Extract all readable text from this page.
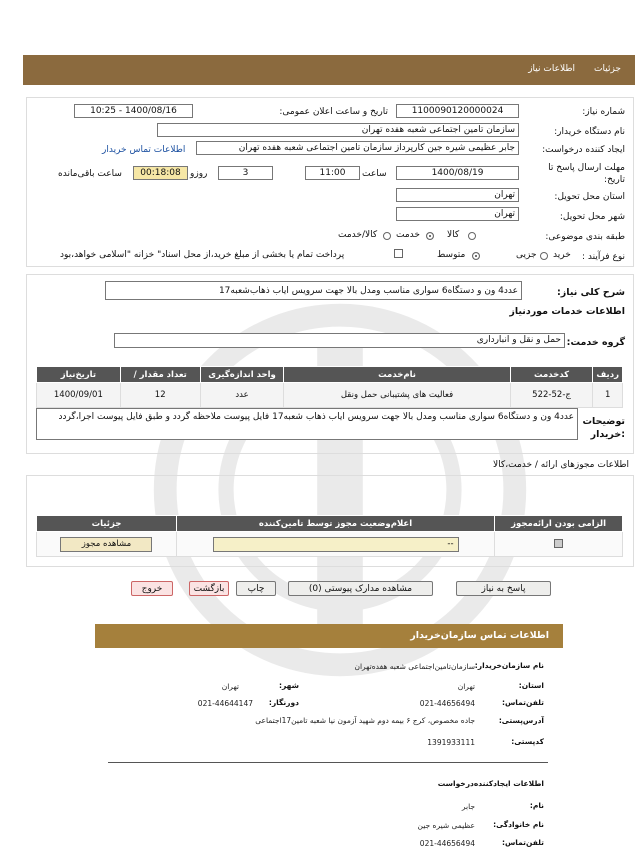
جزئیات
اطلاعات نیاز
شماره نیاز:
1100090120000024
تاریخ و ساعت اعلان عمومی:
1400/08/16 - 10:25
نام دستگاه خریدار:
سازمان تامین اجتماعی شعبه هفده تهران
ایجاد کننده درخواست:
جابر عظیمی شیره جین کارپرداز سازمان تامین اجتماعی شعبه هفده تهران
اطلاعات تماس خریدار
مهلت ارسال پاسخ تا
تاریخ:
1400/08/19
ساعت
11:00
3
روزو
00:18:08
ساعت باقی‌مانده
استان محل تحویل:
تهران
شهر محل تحویل:
تهران
طبقه بندی موضوعی:
کالا
خدمت
کالا/خدمت
نوع فرآیند :
خرید
جزیی
متوسط
پرداخت تمام یا بخشی از مبلغ خرید،از محل اسناد" خزانه "اسلامی خواهد،بود
شرح کلی نیاز:
عدد4 ون و دستگاه6 سواری مناسب ومدل بالا جهت سرویس ایاب ذهاب‌شعبه17
اطلاعات خدمات مورد‌نیاز
گروه خدمت:
حمل و نقل و انبارداری
ردیف	کدخدمت	نام‌خدمت	واحد اندازه‌گیری	تعداد‌ مقدار /	تاریخ‌نیاز
1	ج-52-522	فعالیت های پشتیبانی حمل ونقل	عدد	12	1400/09/01
توضیحات
:خریدار
عدد4 ون و دستگاه6 سواری مناسب ومدل بالا جهت سرویس ایاب ذهاب شعبه17 فایل پیوست ملاحظه گردد و طبق فایل پیوست اجرا،گردد
اطلاعات مجوزهای ارائه / خدمت،کالا
الزامی بودن ارائه‌مجوز	اعلام‌وضعیت مجوز توسط تامین‌کننده	جزئیات

	--	مشاهده مجوز
پاسخ به نیاز
مشاهده مدارک پیوستی (0)
چاپ
بازگشت
خروج
اطلاعات تماس سازمان‌خریدار
نام سازمان‌خریدار:
سازمان‌تامین‌اجتماعی شعبه هفده‌تهران
استان:
تهران
شهر:
تهران
تلفن‌تماس:
021-44656494
دورنگار:
021-44644147
آدرس‌پستی:
جاده مخصوص، کرج ۶ بیمه دوم شهید آزمون نیا شعبه تامین17اجتماعی
کد‌پستی:
1391933111
اطلاعات ایجاد‌کننده‌درخواست
نام:
جابر
نام خانوادگی:
عظیمی شیره جین
تلفن‌تماس:
021-44656494
